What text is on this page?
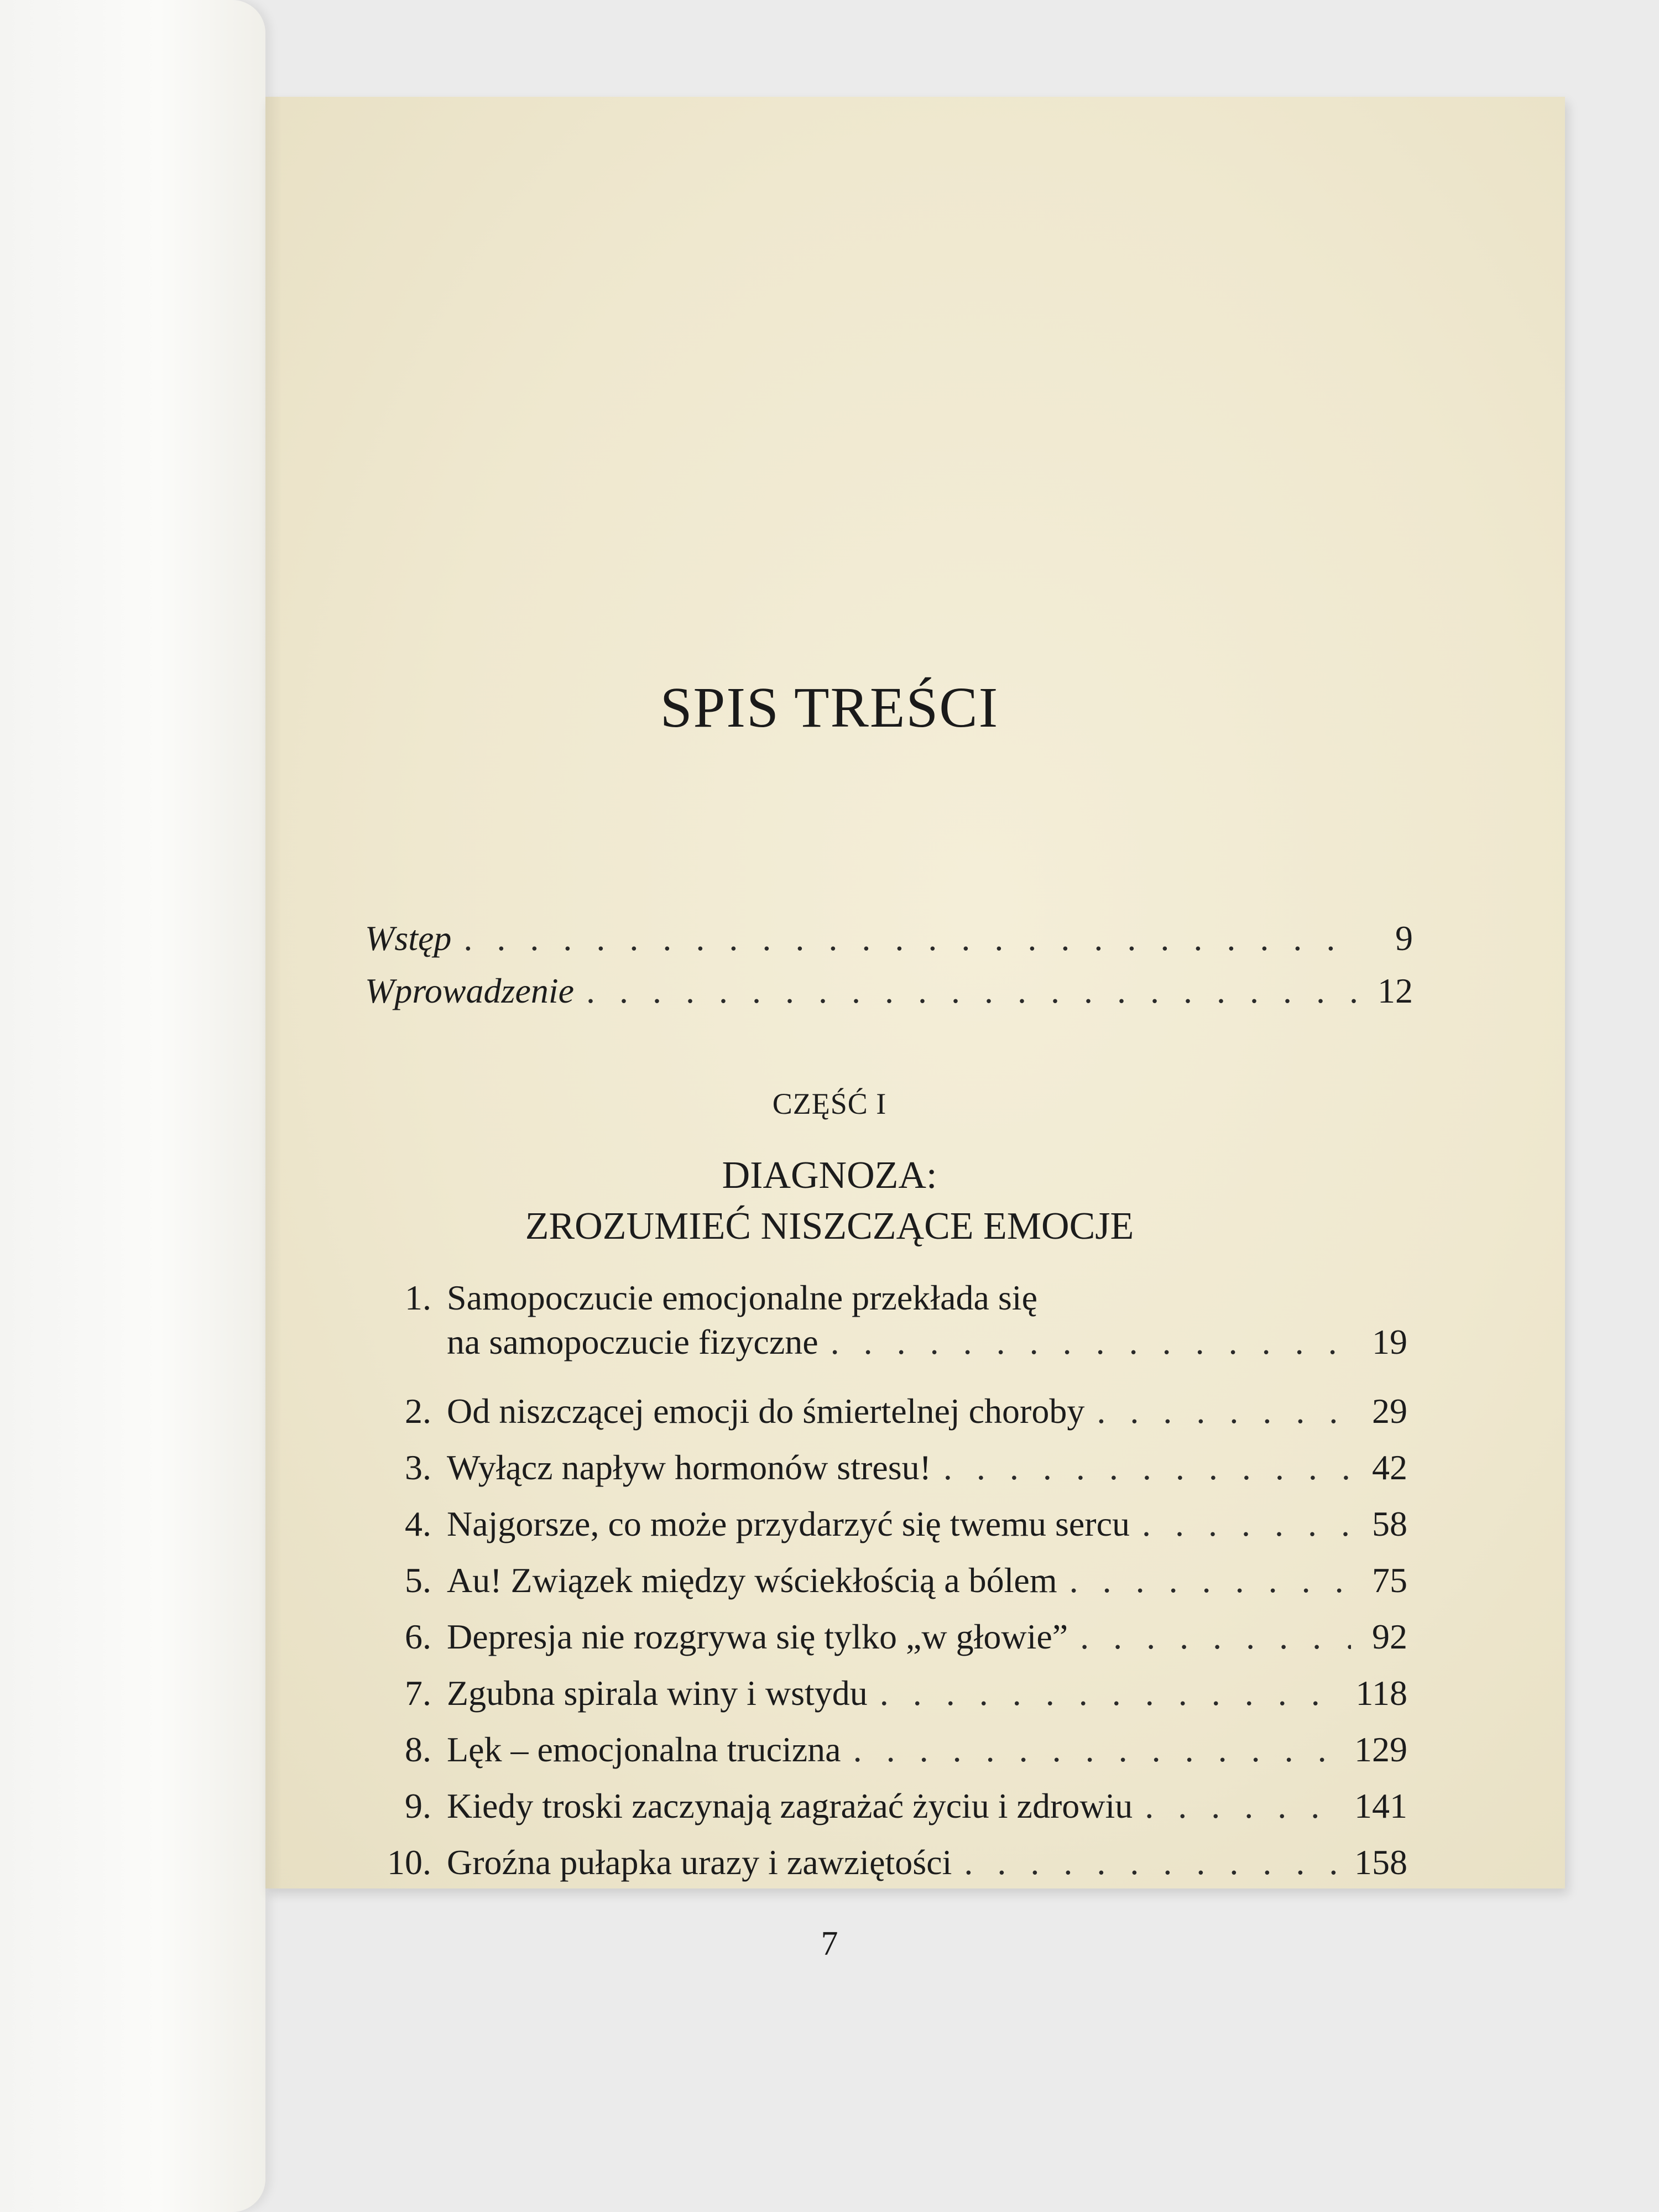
SPIS TREŚCI
Wstęp . . .	9
Wprowadzenie . . .	12
CZĘŚĆ I
DIAGNOZA:
ZROZUMIEĆ NISZCZĄCE EMOCJE
1. Samopoczucie emocjonalne przekłada się
na samopoczucie fizyczne . . .	19
2. Od niszczącej emocji do śmiertelnej choroby . . .	29
3. Wyłącz napływ hormonów stresu! . . .	42
4. Najgorsze, co może przydarzyć się twemu sercu . . .	58
5. Au! Związek między wściekłością a bólem . . .	75
6. Depresja nie rozgrywa się tylko „w głowie” . . .	92
7. Zgubna spirala winy i wstydu . . .	118
8. Lęk – emocjonalna trucizna . . .	129
9. Kiedy troski zaczynają zagrażać życiu i zdrowiu . . .	141
10. Groźna pułapka urazy i zawziętości . . .	158
7
